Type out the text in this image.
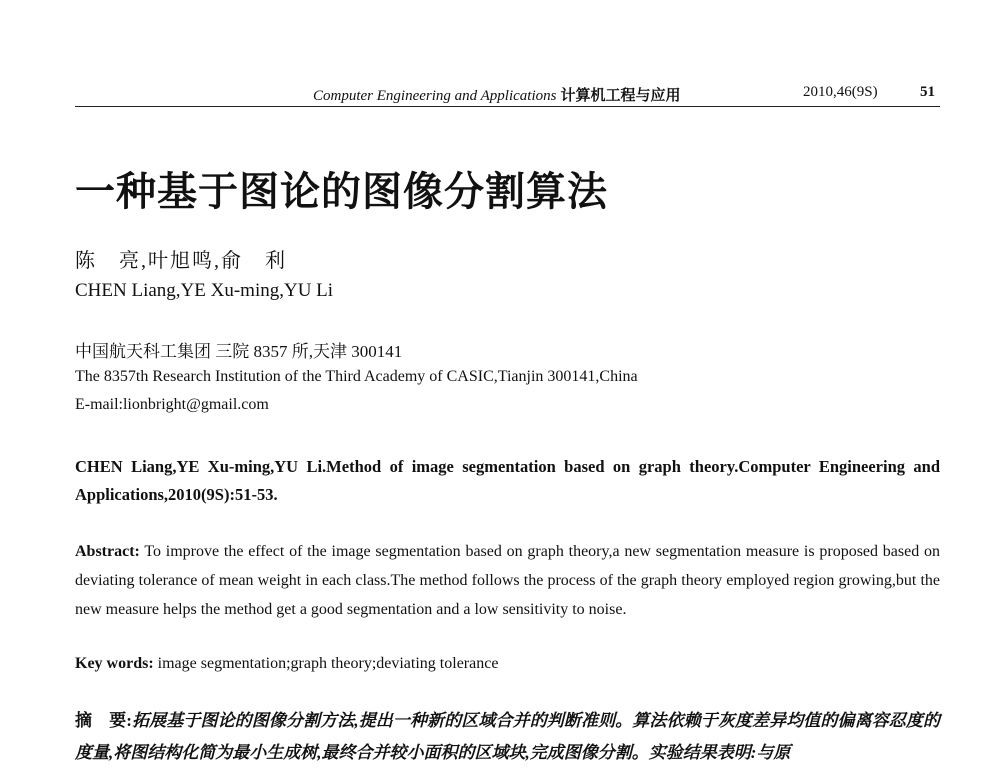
Computer Engineering and Applications 计算机工程与应用	2010,46(9S)	51
一种基于图论的图像分割算法
陈　亮,叶旭鸣,俞　利
CHEN Liang,YE Xu-ming,YU Li
中国航天科工集团 三院 8357 所,天津 300141
The 8357th Research Institution of the Third Academy of CASIC,Tianjin 300141,China
E-mail:lionbright@gmail.com
CHEN Liang,YE Xu-ming,YU Li.Method of image segmentation based on graph theory.Computer Engineering and Applications,2010(9S):51-53.
Abstract: To improve the effect of the image segmentation based on graph theory,a new segmentation measure is proposed based on deviating tolerance of mean weight in each class.The method follows the process of the graph theory employed region growing,but the new measure helps the method get a good segmentation and a low sensitivity to noise.
Key words: image segmentation;graph theory;deviating tolerance
摘　要:拓展基于图论的图像分割方法,提出一种新的区域合并的判断准则。算法依赖于灰度差异均值的偏离容忍度的度量,将图结构化简为最小生成树,最终合并较小面积的区域块,完成图像分割。实验结果表明:与原
